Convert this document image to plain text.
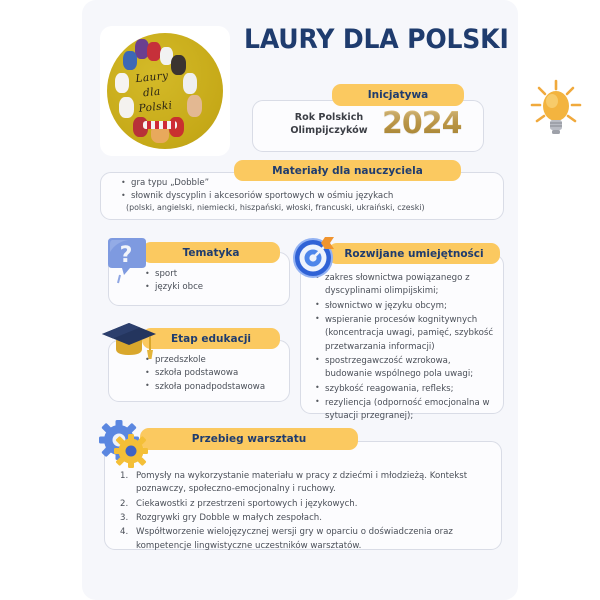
Laury
dla
Polski
LAURY DLA POLSKI
Inicjatywa
Rok Polskich
Olimpijczyków 2024
Materiały dla nauczyciela
• gra typu „Dobble”
• słownik dyscyplin i akcesoriów sportowych w ośmiu językach
(polski, angielski, niemiecki, hiszpański, włoski, francuski, ukraiński, czeski)
Tematyka
• sport
• języki obce
?
Etap edukacji
• przedszkole
• szkoła podstawowa
• szkoła ponadpodstawowa
Rozwijane umiejętności
• zakres słownictwa powiązanego z dyscyplinami olimpijskimi;
• słownictwo w języku obcym;
• wspieranie procesów kognitywnych (koncentracja uwagi, pamięć, szybkość przetwarzania informacji)
• spostrzegawczość wzrokowa, budowanie wspólnego pola uwagi;
• szybkość reagowania, refleks;
• rezyliencja (odporność emocjonalna w sytuacji przegranej);
Przebieg warsztatu
Pomysły na wykorzystanie materiału w pracy z dziećmi i młodzieżą. Kontekst poznawczy, społeczno-emocjonalny i ruchowy.
Ciekawostki z przestrzeni sportowych i językowych.
Rozgrywki gry Dobble w małych zespołach.
Współtworzenie wielojęzycznej wersji gry w oparciu o doświadczenia oraz kompetencje lingwistyczne uczestników warsztatów.
